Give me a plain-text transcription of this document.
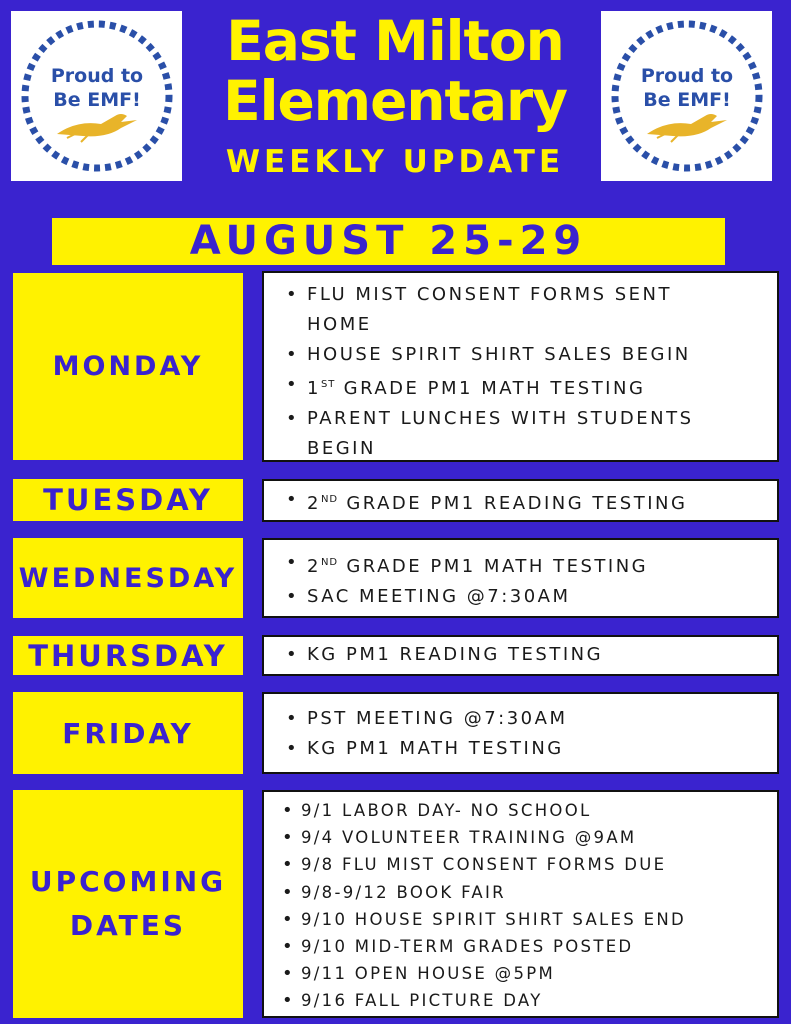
Proud to
Be EMF!
Proud to
Be EMF!
East Milton
Elementary
WEEKLY UPDATE
AUGUST 25-29
MONDAY
• FLU MIST CONSENT FORMS SENT
HOME
• HOUSE SPIRIT SHIRT SALES BEGIN
• 1ST GRADE PM1 MATH TESTING
• PARENT LUNCHES WITH STUDENTS
BEGIN
TUESDAY	• 2ND GRADE PM1 READING TESTING
WEDNESDAY	• 2ND GRADE PM1 MATH TESTING
• SAC MEETING @7:30AM
THURSDAY	• KG PM1 READING TESTING
FRIDAY	• PST MEETING @7:30AM
• KG PM1 MATH TESTING
UPCOMING
DATES
• 9/1 LABOR DAY- NO SCHOOL
• 9/4 VOLUNTEER TRAINING @9AM
• 9/8 FLU MIST CONSENT FORMS DUE
• 9/8-9/12 BOOK FAIR
• 9/10 HOUSE SPIRIT SHIRT SALES END
• 9/10 MID-TERM GRADES POSTED
• 9/11 OPEN HOUSE @5PM
• 9/16 FALL PICTURE DAY
